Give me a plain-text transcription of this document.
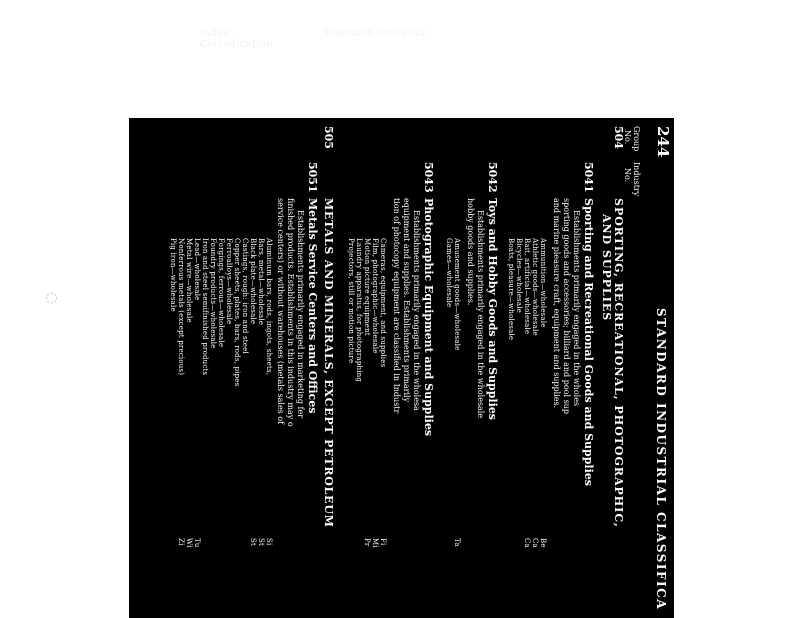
Index	Standard Industrial Classification
◌
244
STANDARD INDUSTRIAL CLASSIFICA
Group
Industry
No.
No.
504
SPORTING, RECREATIONAL, PHOTOGRAPHIC,
AND SUPPLIES
5041
Sporting and Recreational Goods and Supplies
Establishments primarily engaged in the wholes
sporting goods and accessories; billiard and pool sup
and marine pleasure craft, equipment and supplies.
Ammunition—wholesale
Athletic goods—wholesale
Bait, artificial—wholesale
Bicycles—wholesale
Boats, pleasure—wholesale
5042
Toys and Hobby Goods and Supplies
Establishments primarily engaged in the wholesale
hobby goods and supplies.
Amusement goods—wholesale
Games—wholesale
5043
Photographic Equipment and Supplies
Establishments primarily engaged in the wholesa
equipment and supplies. Establishments primarily
tion of photocopy equipment are classified in Industr
Cameras, equipment, and supplies
Film, photographic—wholesale
Motion picture equipment
Laundry apparatus, for photographing
Projectors, still or motion picture
505
METALS AND MINERALS, EXCEPT PETROLEUM
5051
Metals Service Centers and Offices
Establishments primarily engaged in marketing fer
finished products. Establishments in this industry may o
service centers) or without warehouses (metals sales of
Aluminum bars, rods, ingots, sheets,
Bars, metal—wholesale
Black plate—wholesale
Castings, rough: iron and steel
Copper sheets, plates, bars, rods, pipes
Ferroalloys—wholesale
Forgings, ferrous—wholesale
Foundry products—wholesale
Iron and steel semifinished products
Lead—wholesale
Metal wire—wholesale
Nonferrous metals (except precious)
Pig iron—wholesale
Be
Ca
Ca
Ta
Fi
Mi
Pr
Si
St
St
Tu
Wi
Zi
